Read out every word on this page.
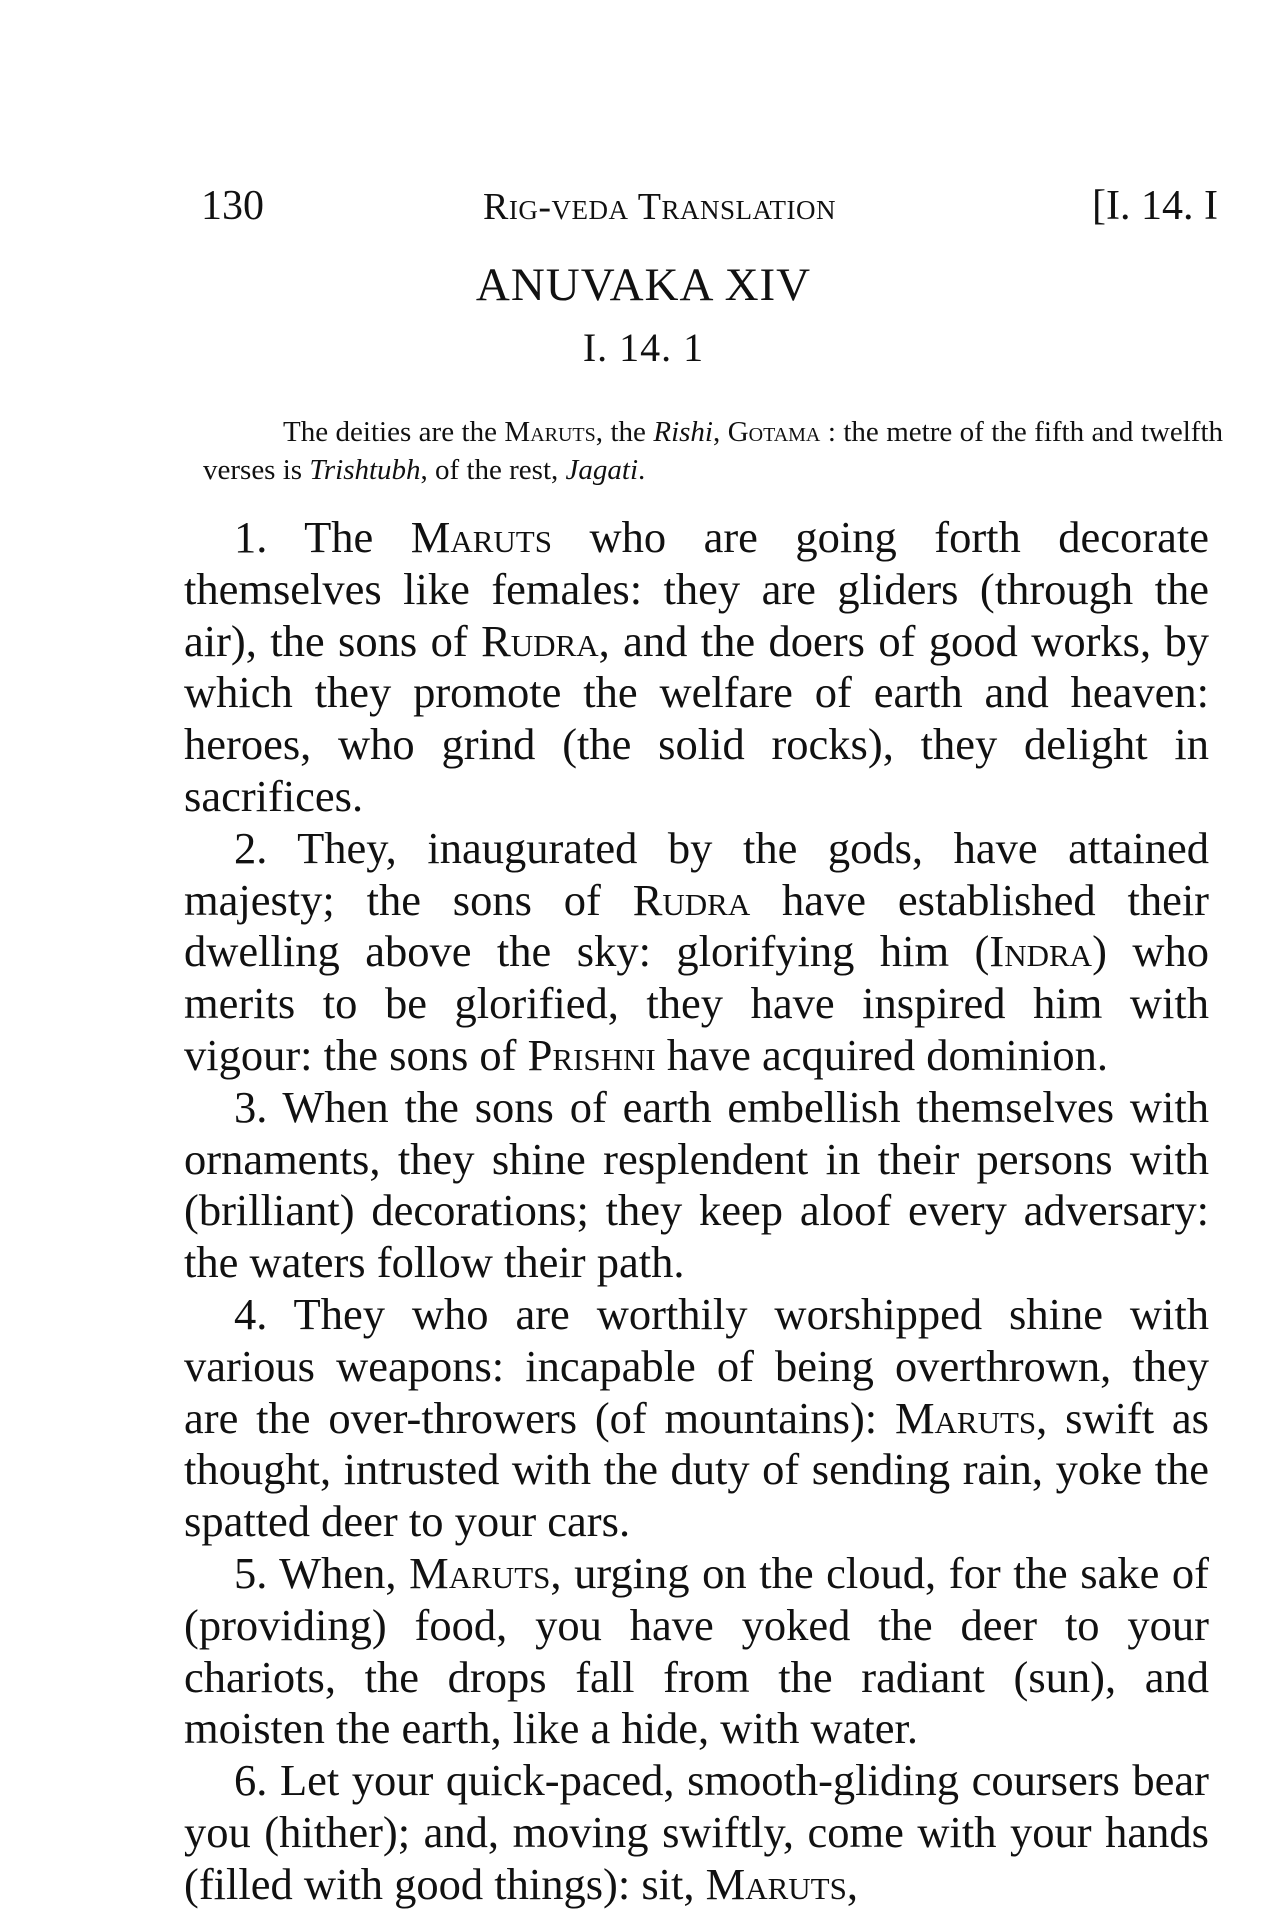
130	Rig-veda Translation	[I. 14. I
ANUVAKA XIV
I. 14. 1

The deities are the Maruts, the Rishi, Gotama : the metre of the fifth and twelfth verses is Trishtubh, of the rest, Jagati.

1. The Maruts who are going forth decorate themselves like females: they are gliders (through the air), the sons of Rudra, and the doers of good works, by which they promote the welfare of earth and heaven: heroes, who grind (the solid rocks), they delight in sacrifices.

2. They, inaugurated by the gods, have attained majesty; the sons of Rudra have established their dwelling above the sky: glorifying him (Indra) who merits to be glorified, they have inspired him with vigour: the sons of Prishni have acquired dominion.

3. When the sons of earth embellish themselves with ornaments, they shine resplendent in their persons with (brilliant) decorations; they keep aloof every adversary: the waters follow their path.

4. They who are worthily worshipped shine with various weapons: incapable of being overthrown, they are the over-throwers (of mountains): Maruts, swift as thought, intrusted with the duty of sending rain, yoke the spatted deer to your cars.

5. When, Maruts, urging on the cloud, for the sake of (providing) food, you have yoked the deer to your chariots, the drops fall from the radiant (sun), and moisten the earth, like a hide, with water.

6. Let your quick-paced, smooth-gliding coursers bear you (hither); and, moving swiftly, come with your hands (filled with good things): sit, Maruts,
